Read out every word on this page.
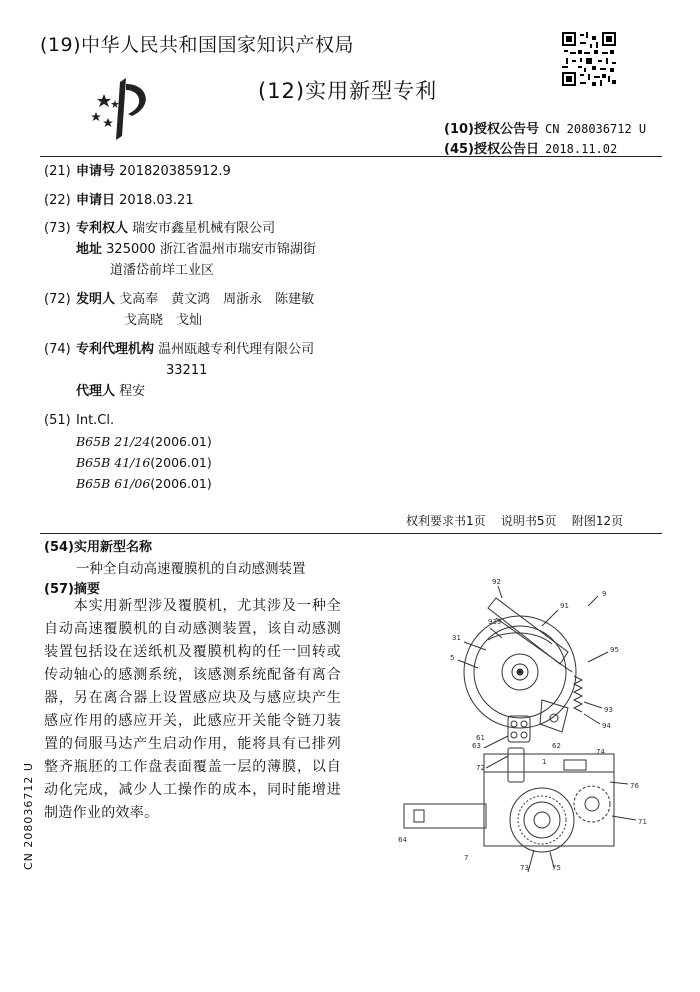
(19)中华人民共和国国家知识产权局
(12)实用新型专利
(10)授权公告号 CN 208036712 U
(45)授权公告日 2018.11.02
(21) 申请号 201820385912.9
(22) 申请日 2018.03.21
(73) 专利权人 瑞安市鑫星机械有限公司
地址 325000 浙江省温州市瑞安市锦湖街
道潘岱前垟工业区
(72) 发明人 戈高奉　黄文鸿　周浙永　陈建敏
戈高晓　戈灿
(74) 专利代理机构 温州瓯越专利代理有限公司
33211
代理人 程安
(51) Int.Cl.
B65B 21/24(2006.01)
B65B 41/16(2006.01)
B65B 61/06(2006.01)
权利要求书1页 说明书5页 附图12页
(54)实用新型名称
一种全自动高速覆膜机的自动感测装置
(57)摘要
　　本实用新型涉及覆膜机，尤其涉及一种全自动高速覆膜机的自动感测装置，该自动感测装置包括设在送纸机及覆膜机构的任一回转或传动轴心的感测系统，该感测系统配备有离合器，另在离合器上设置感应块及与感应块产生感应作用的感应开关，此感应开关能令链刀装置的伺服马达产生启动作用，能将具有已排列整齐瓶胚的工作盘表面覆盖一层的薄膜，以自动化完成，减少人工操作的成本，同时能增进制造作业的效率。
92
91
9
939
31
95
5
93
94
63
61
62
74
72
1
76
71
64
7
73	75
CN 208036712 U
